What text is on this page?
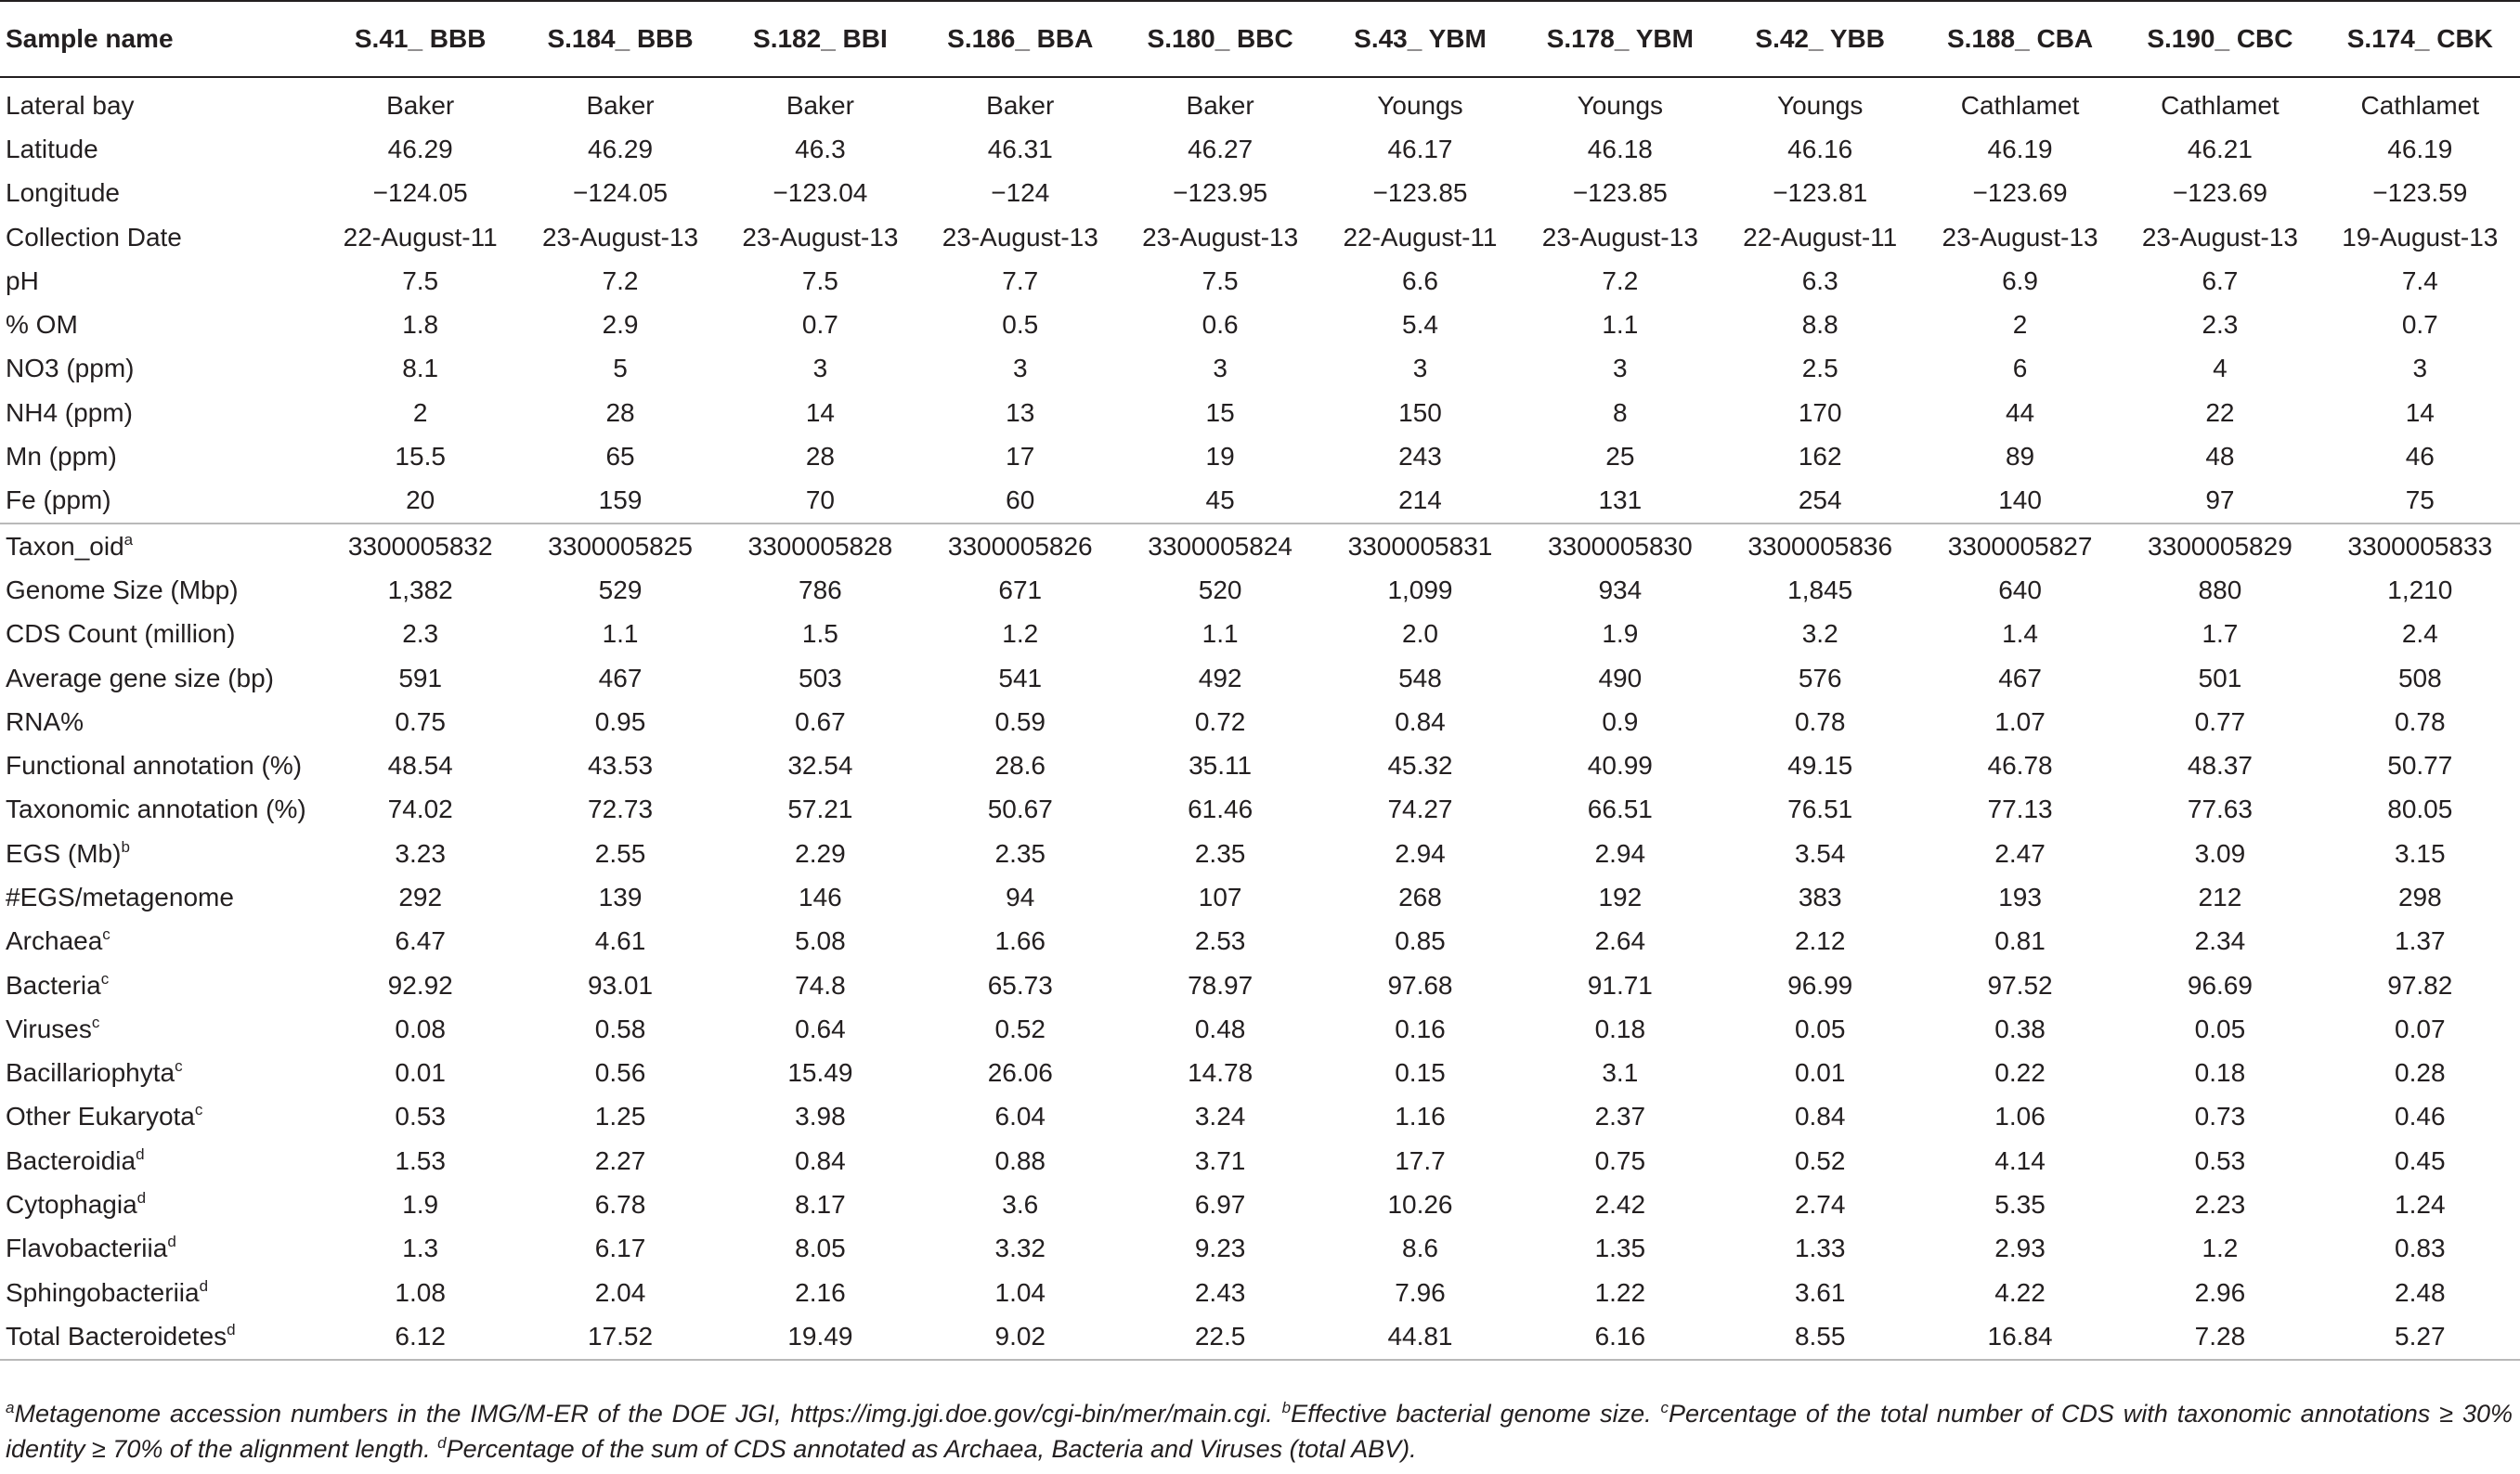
Sample name	S.41_ BBB	S.184_ BBB	S.182_ BBI	S.186_ BBA	S.180_ BBC	S.43_ YBM	S.178_ YBM	S.42_ YBB	S.188_ CBA	S.190_ CBC	S.174_ CBK
Lateral bay	Baker	Baker	Baker	Baker	Baker	Youngs	Youngs	Youngs	Cathlamet	Cathlamet	Cathlamet
Latitude	46.29	46.29	46.3	46.31	46.27	46.17	46.18	46.16	46.19	46.21	46.19
Longitude	−124.05	−124.05	−123.04	−124	−123.95	−123.85	−123.85	−123.81	−123.69	−123.69	−123.59
Collection Date	22-August-11	23-August-13	23-August-13	23-August-13	23-August-13	22-August-11	23-August-13	22-August-11	23-August-13	23-August-13	19-August-13
pH	7.5	7.2	7.5	7.7	7.5	6.6	7.2	6.3	6.9	6.7	7.4
% OM	1.8	2.9	0.7	0.5	0.6	5.4	1.1	8.8	2	2.3	0.7
NO3 (ppm)	8.1	5	3	3	3	3	3	2.5	6	4	3
NH4 (ppm)	2	28	14	13	15	150	8	170	44	22	14
Mn (ppm)	15.5	65	28	17	19	243	25	162	89	48	46
Fe (ppm)	20	159	70	60	45	214	131	254	140	97	75
Taxon_oid$^a$	3300005832	3300005825	3300005828	3300005826	3300005824	3300005831	3300005830	3300005836	3300005827	3300005829	3300005833
Genome Size (Mbp)	1,382	529	786	671	520	1,099	934	1,845	640	880	1,210
CDS Count (million)	2.3	1.1	1.5	1.2	1.1	2.0	1.9	3.2	1.4	1.7	2.4
Average gene size (bp)	591	467	503	541	492	548	490	576	467	501	508
RNA%	0.75	0.95	0.67	0.59	0.72	0.84	0.9	0.78	1.07	0.77	0.78
Functional annotation (%)	48.54	43.53	32.54	28.6	35.11	45.32	40.99	49.15	46.78	48.37	50.77
Taxonomic annotation (%)	74.02	72.73	57.21	50.67	61.46	74.27	66.51	76.51	77.13	77.63	80.05
EGS $(Mb)^b$	3.23	2.55	2.29	2.35	2.35	2.94	2.94	3.54	2.47	3.09	3.15
#EGS/metagenome	292	139	146	94	107	268	192	383	193	212	298
Archaea$^c$	6.47	4.61	5.08	1.66	2.53	0.85	2.64	2.12	0.81	2.34	1.37
Bacteria$^c$	92.92	93.01	74.8	65.73	78.97	97.68	91.71	96.99	97.52	96.69	97.82
Viruses$^c$	0.08	0.58	0.64	0.52	0.48	0.16	0.18	0.05	0.38	0.05	0.07
Bacillariophyta$^c$	0.01	0.56	15.49	26.06	14.78	0.15	3.1	0.01	0.22	0.18	0.28
Other Eukaryota$^c$	0.53	1.25	3.98	6.04	3.24	1.16	2.37	0.84	1.06	0.73	0.46
Bacteroidia$^d$	1.53	2.27	0.84	0.88	3.71	17.7	0.75	0.52	4.14	0.53	0.45
Cytophagia$^d$	1.9	6.78	8.17	3.6	6.97	10.26	2.42	2.74	5.35	2.23	1.24
Flavobacteriia$^d$	1.3	6.17	8.05	3.32	9.23	8.6	1.35	1.33	2.93	1.2	0.83
Sphingobacteriia$^d$	1.08	2.04	2.16	1.04	2.43	7.96	1.22	3.61	4.22	2.96	2.48
Total Bacteroidetes$^d$	6.12	17.52	19.49	9.02	22.5	44.81	6.16	8.55	16.84	7.28	5.27

$^a$Metagenome accession numbers in the IMG/M-ER of the DOE JGI, https://img.jgi.doe.gov/cgi-bin/mer/main.cgi. $^b$Effective bacterial genome size. $^c$Percentage of the total number of CDS with taxonomic annotations ≥ 30% identity ≥ 70% of the alignment length. $^d$Percentage of the sum of CDS annotated as Archaea, Bacteria and Viruses (total ABV).
